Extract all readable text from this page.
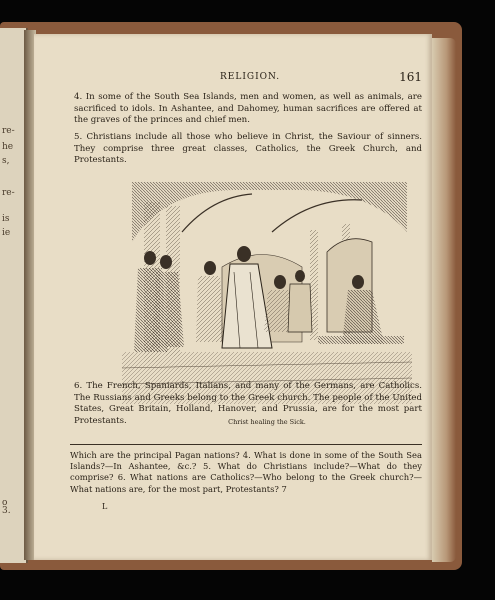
re-
he
s,
re-
is
ie
o
3.
RELIGION.	161
4. In some of the South Sea Islands, men and women, as well as animals, are sacrificed to idols. In Ashantee, and Dahomey, human sacrifices are offered at the graves of the princes and chief men.
5. Christians include all those who believe in Christ, the Saviour of sinners. They comprise three great classes, Catholics, the Greek Church, and Protestants.
Christ healing the Sick.
6. The French, Spaniards, Italians, and many of the Germans, are Catholics. The Russians and Greeks belong to the Greek church. The people of the United States, Great Britain, Holland, Hanover, and Prussia, are for the most part Protestants.
Which are the principal Pagan nations? 4. What is done in some of the South Sea Islands?—In Ashantee, &c.? 5. What do Christians include?—What do they comprise? 6. What nations are Catholics?—Who belong to the Greek church?—What nations are, for the most part, Protestants? 7
L
